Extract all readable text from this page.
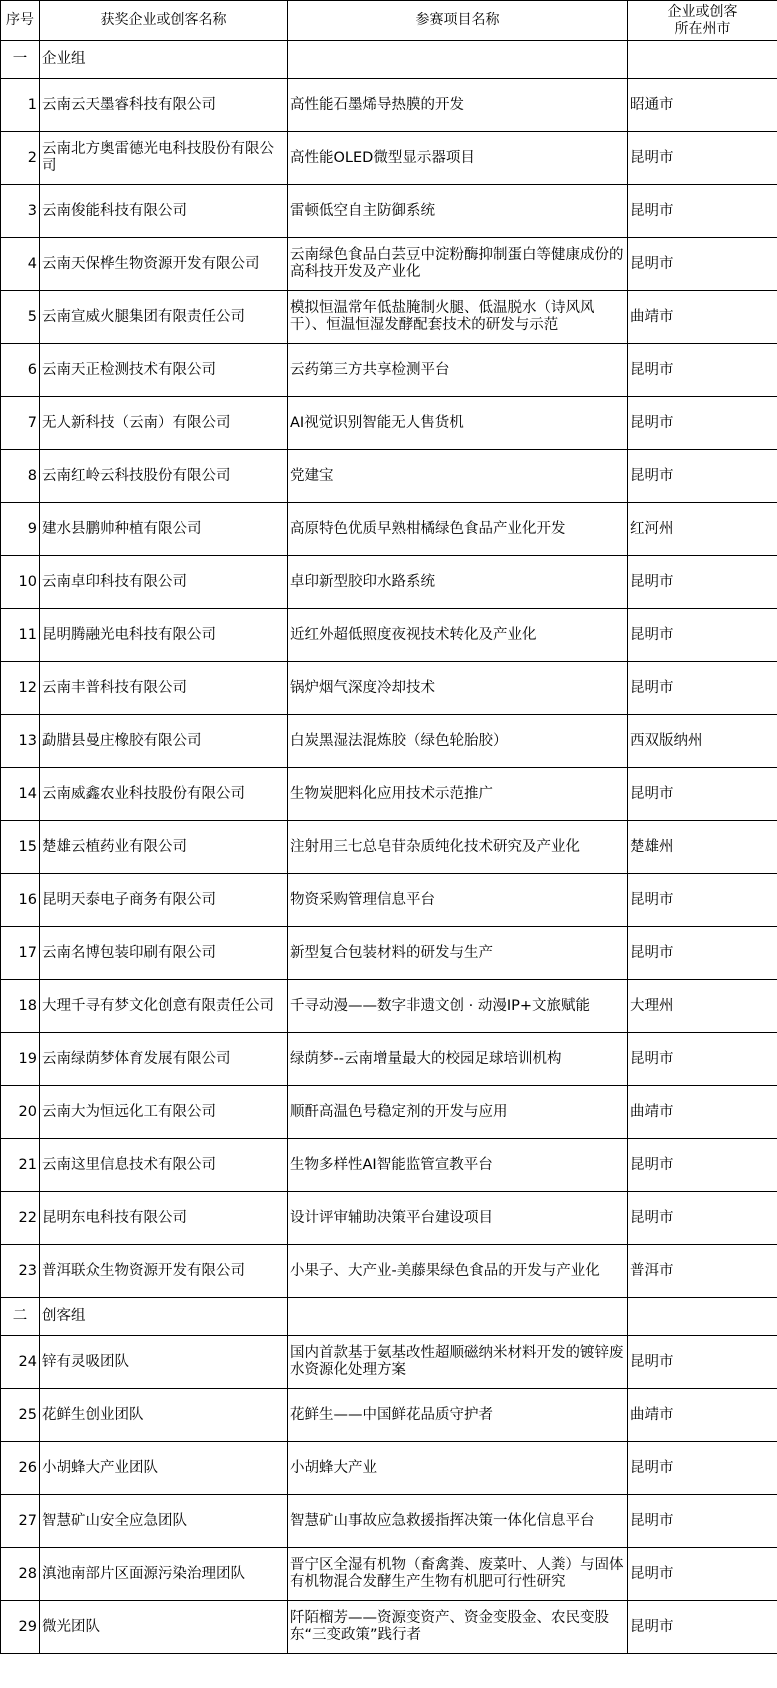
序号	获奖企业或创客名称	参赛项目名称	企业或创客
所在州市
一	企业组		
1	云南云天墨睿科技有限公司	高性能石墨烯导热膜的开发	昭通市
2	云南北方奥雷德光电科技股份有限公司	高性能OLED微型显示器项目	昆明市
3	云南俊能科技有限公司	雷顿低空自主防御系统	昆明市
4	云南天保桦生物资源开发有限公司	云南绿色食品白芸豆中淀粉酶抑制蛋白等健康成份的高科技开发及产业化	昆明市
5	云南宣威火腿集团有限责任公司	模拟恒温常年低盐腌制火腿、低温脱水（诗风风干）、恒温恒湿发酵配套技术的研发与示范	曲靖市
6	云南天正检测技术有限公司	云药第三方共享检测平台	昆明市
7	无人新科技（云南）有限公司	AI视觉识别智能无人售货机	昆明市
8	云南红岭云科技股份有限公司	党建宝	昆明市
9	建水县鹏帅种植有限公司	高原特色优质早熟柑橘绿色食品产业化开发	红河州
10	云南卓印科技有限公司	卓印新型胶印水路系统	昆明市
11	昆明腾融光电科技有限公司	近红外超低照度夜视技术转化及产业化	昆明市
12	云南丰普科技有限公司	锅炉烟气深度冷却技术	昆明市
13	勐腊县曼庄橡胶有限公司	白炭黑湿法混炼胶（绿色轮胎胶）	西双版纳州
14	云南威鑫农业科技股份有限公司	生物炭肥料化应用技术示范推广	昆明市
15	楚雄云植药业有限公司	注射用三七总皂苷杂质纯化技术研究及产业化	楚雄州
16	昆明天泰电子商务有限公司	物资采购管理信息平台	昆明市
17	云南名博包装印刷有限公司	新型复合包装材料的研发与生产	昆明市
18	大理千寻有梦文化创意有限责任公司	千寻动漫——数字非遗文创 · 动漫IP+文旅赋能	大理州
19	云南绿荫梦体育发展有限公司	绿荫梦--云南增量最大的校园足球培训机构	昆明市
20	云南大为恒远化工有限公司	顺酐高温色号稳定剂的开发与应用	曲靖市
21	云南这里信息技术有限公司	生物多样性AI智能监管宣教平台	昆明市
22	昆明东电科技有限公司	设计评审辅助决策平台建设项目	昆明市
23	普洱联众生物资源开发有限公司	小果子、大产业-美藤果绿色食品的开发与产业化	普洱市
二	创客组		
24	锌有灵吸团队	国内首款基于氨基改性超顺磁纳米材料开发的镀锌废水资源化处理方案	昆明市
25	花鲜生创业团队	花鲜生——中国鲜花品质守护者	曲靖市
26	小胡蜂大产业团队	小胡蜂大产业	昆明市
27	智慧矿山安全应急团队	智慧矿山事故应急救援指挥决策一体化信息平台	昆明市
28	滇池南部片区面源污染治理团队	晋宁区全湿有机物（畜禽粪、废菜叶、人粪）与固体有机物混合发酵生产生物有机肥可行性研究	昆明市
29	微光团队	阡陌榴芳——资源变资产、资金变股金、农民变股东“三变政策”践行者	昆明市
